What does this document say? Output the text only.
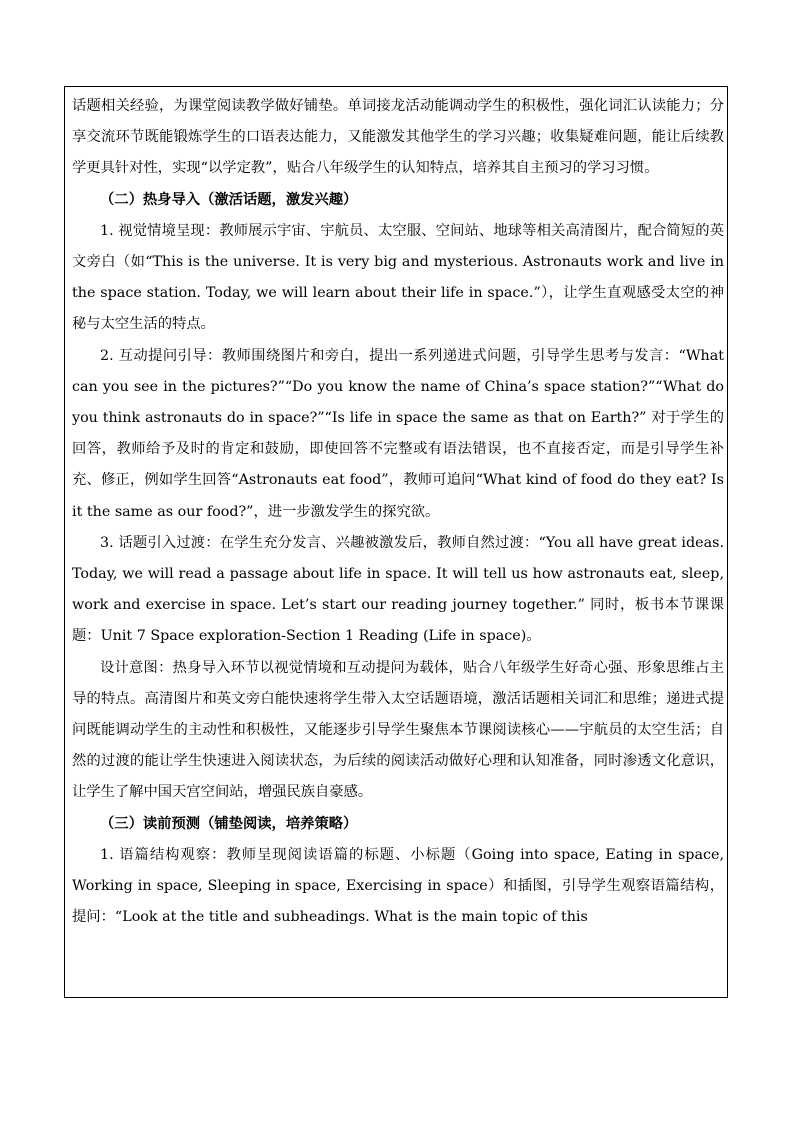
话题相关经验，为课堂阅读教学做好铺垫。单词接龙活动能调动学生的积极性，强化词汇认读能力；分享交流环节既能锻炼学生的口语表达能力，又能激发其他学生的学习兴趣；收集疑难问题，能让后续教学更具针对性，实现“以学定教”，贴合八年级学生的认知特点，培养其自主预习的学习习惯。

（二）热身导入（激活话题，激发兴趣）

1. 视觉情境呈现：教师展示宇宙、宇航员、太空服、空间站、地球等相关高清图片，配合简短的英文旁白（如“This is the universe. It is very big and mysterious. Astronauts work and live in the space station. Today, we will learn about their life in space.”），让学生直观感受太空的神秘与太空生活的特点。

2. 互动提问引导：教师围绕图片和旁白，提出一系列递进式问题，引导学生思考与发言：“What can you see in the pictures?”“Do you know the name of China’s space station?”“What do you think astronauts do in space?”“Is life in space the same as that on Earth?” 对于学生的回答，教师给予及时的肯定和鼓励，即使回答不完整或有语法错误，也不直接否定，而是引导学生补充、修正，例如学生回答“Astronauts eat food”，教师可追问“What kind of food do they eat? Is it the same as our food?”，进一步激发学生的探究欲。

3. 话题引入过渡：在学生充分发言、兴趣被激发后，教师自然过渡：“You all have great ideas. Today, we will read a passage about life in space. It will tell us how astronauts eat, sleep, work and exercise in space. Let’s start our reading journey together.” 同时，板书本节课课题：Unit 7 Space exploration-Section 1 Reading (Life in space)。

设计意图：热身导入环节以视觉情境和互动提问为载体，贴合八年级学生好奇心强、形象思维占主导的特点。高清图片和英文旁白能快速将学生带入太空话题语境，激活话题相关词汇和思维；递进式提问既能调动学生的主动性和积极性，又能逐步引导学生聚焦本节课阅读核心——宇航员的太空生活；自然的过渡的能让学生快速进入阅读状态，为后续的阅读活动做好心理和认知准备，同时渗透文化意识，让学生了解中国天宫空间站，增强民族自豪感。

（三）读前预测（铺垫阅读，培养策略）

1. 语篇结构观察：教师呈现阅读语篇的标题、小标题（Going into space, Eating in space, Working in space, Sleeping in space, Exercising in space）和插图，引导学生观察语篇结构，提问：“Look at the title and subheadings. What is the main topic of this
